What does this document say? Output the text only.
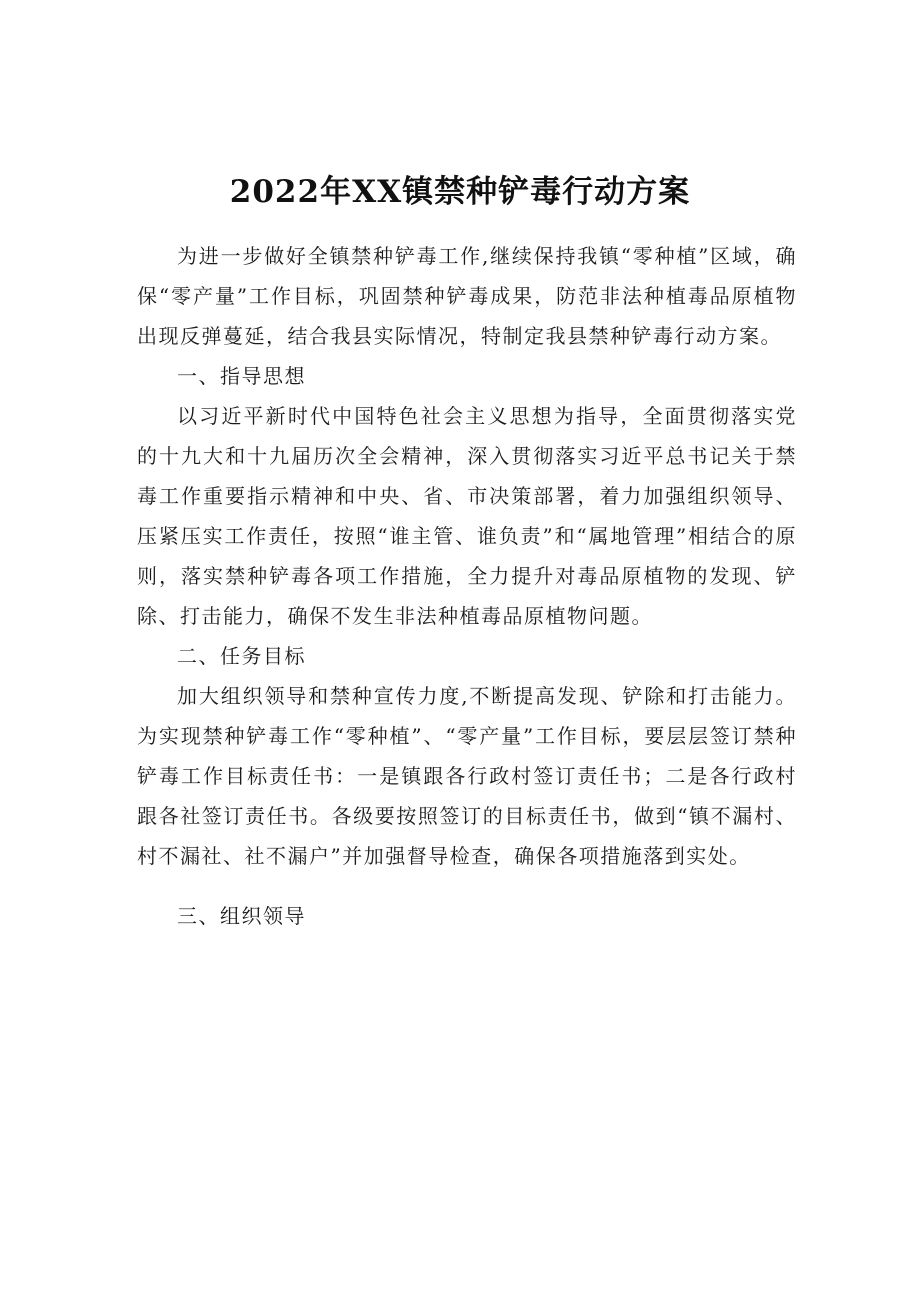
2022年XX镇禁种铲毒行动方案

为进一步做好全镇禁种铲毒工作,继续保持我镇“零种植”区域，确保“零产量”工作目标，巩固禁种铲毒成果，防范非法种植毒品原植物出现反弹蔓延，结合我县实际情况，特制定我县禁种铲毒行动方案。

一、指导思想

以习近平新时代中国特色社会主义思想为指导，全面贯彻落实党的十九大和十九届历次全会精神，深入贯彻落实习近平总书记关于禁毒工作重要指示精神和中央、省、市决策部署，着力加强组织领导、压紧压实工作责任，按照“谁主管、谁负责”和“属地管理”相结合的原则，落实禁种铲毒各项工作措施，全力提升对毒品原植物的发现、铲除、打击能力，确保不发生非法种植毒品原植物问题。

二、任务目标

加大组织领导和禁种宣传力度,不断提高发现、铲除和打击能力。为实现禁种铲毒工作“零种植”、“零产量”工作目标，要层层签订禁种铲毒工作目标责任书：一是镇跟各行政村签订责任书；二是各行政村跟各社签订责任书。各级要按照签订的目标责任书，做到“镇不漏村、村不漏社、社不漏户”并加强督导检查，确保各项措施落到实处。

三、组织领导
